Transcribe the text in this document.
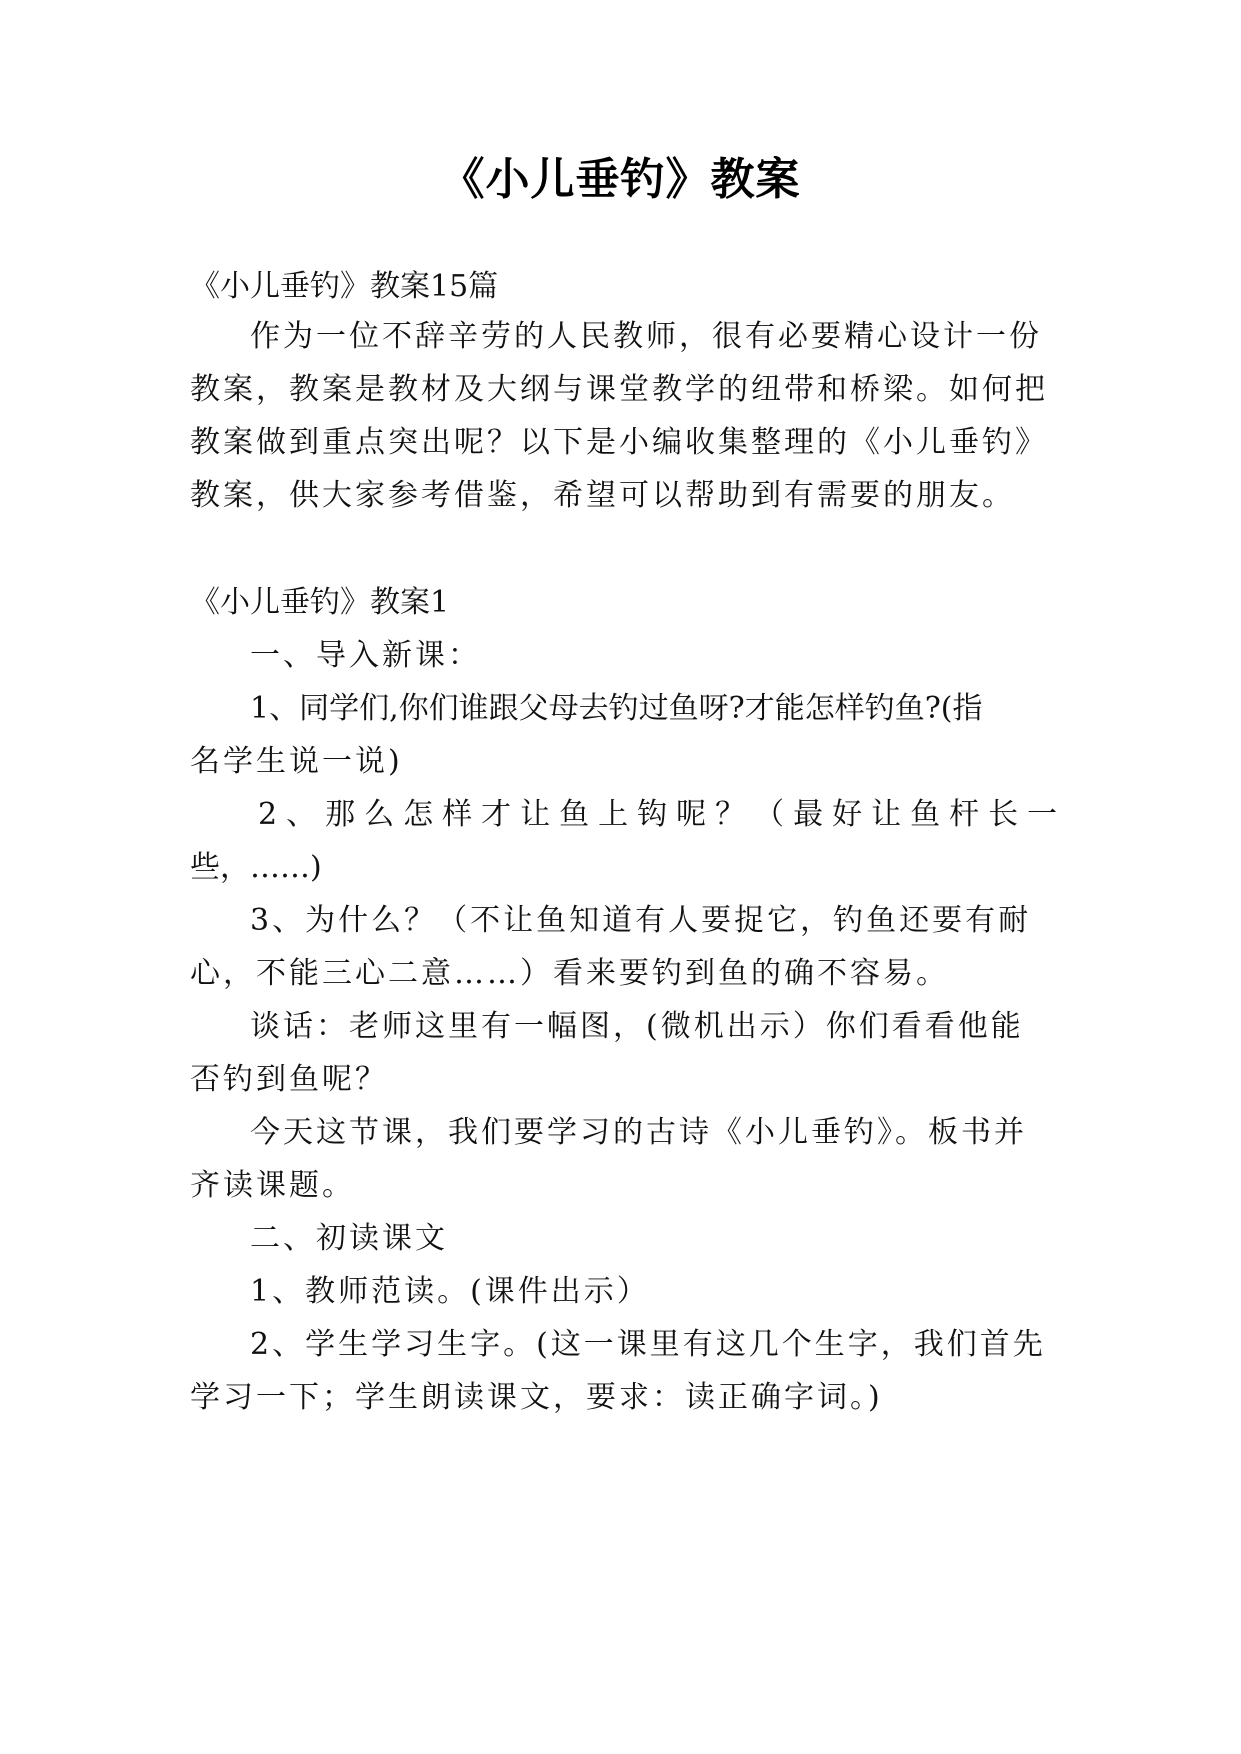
《小儿垂钓》教案
《小儿垂钓》教案15篇
作为一位不辞辛劳的人民教师，很有必要精心设计一份
教案，教案是教材及大纲与课堂教学的纽带和桥梁。如何把
教案做到重点突出呢？以下是小编收集整理的《小儿垂钓》
教案，供大家参考借鉴，希望可以帮助到有需要的朋友。
《小儿垂钓》教案1
一、导入新课：
1、同学们,你们谁跟父母去钓过鱼呀?才能怎样钓鱼?(指
名学生说一说)
2、那么怎样才让鱼上钩呢？（最好让鱼杆长一
些，……)
3、为什么？（不让鱼知道有人要捉它，钓鱼还要有耐
心，不能三心二意……）看来要钓到鱼的确不容易。
谈话：老师这里有一幅图，(微机出示）你们看看他能
否钓到鱼呢？
今天这节课，我们要学习的古诗《小儿垂钓》。板书并
齐读课题。
二、初读课文
1、教师范读。(课件出示）
2、学生学习生字。(这一课里有这几个生字，我们首先
学习一下；学生朗读课文，要求：读正确字词。)
